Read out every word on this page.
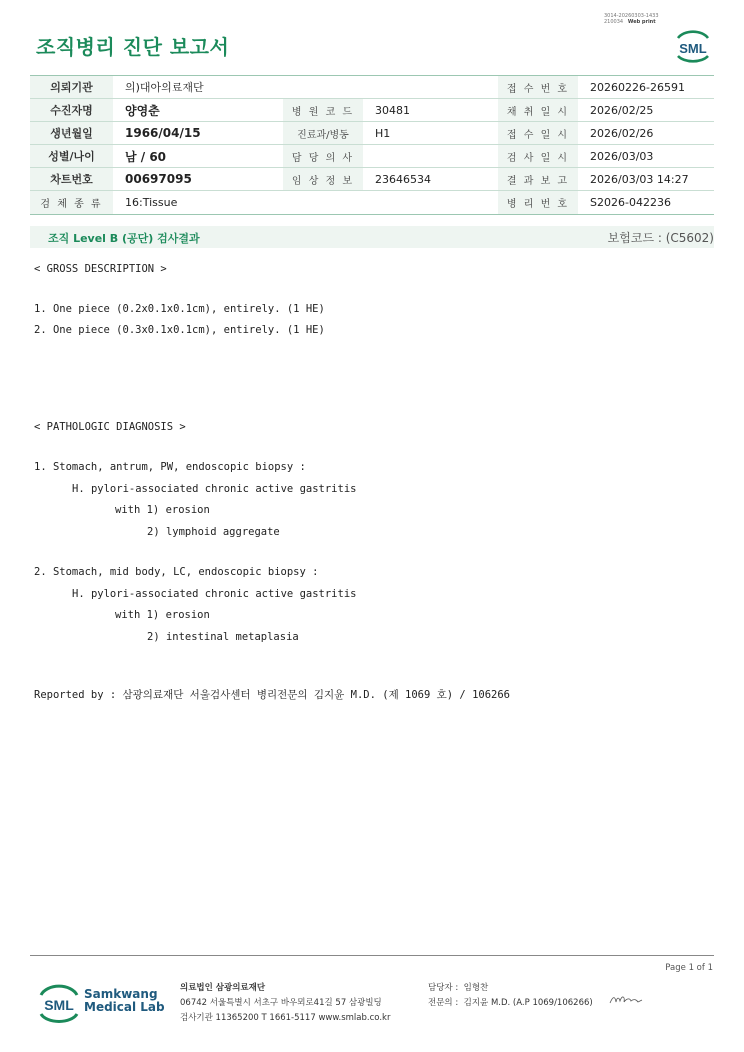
3014-20260303-1433
210034 Web print
조직병리 진단 보고서	SML
의뢰기관	의)대아의료재단			접 수 번 호	20260226-26591
수진자명	양영춘	병 원 코 드	30481	채 취 일 시	2026/02/25
생년월일	1966/04/15	진료과/병동	H1	접 수 일 시	2026/02/26
성별/나이	남 / 60	담 당 의 사		검 사 일 시	2026/03/03
차트번호	00697095	임 상 정 보	23646534	결 과 보 고	2026/03/03 14:27
검 체 종 류	16:Tissue			병 리 번 호	S2026-042236
조직 Level B (공단) 검사결과	보험코드 : (C5602)
< GROSS DESCRIPTION >
1. One piece (0.2x0.1x0.1cm), entirely. (1 HE)
2. One piece (0.3x0.1x0.1cm), entirely. (1 HE)
< PATHOLOGIC DIAGNOSIS >
1. Stomach, antrum, PW, endoscopic biopsy :
H. pylori-associated chronic active gastritis
with 1) erosion
2) lymphoid aggregate
2. Stomach, mid body, LC, endoscopic biopsy :
H. pylori-associated chronic active gastritis
with 1) erosion
2) intestinal metaplasia
Reported by : 삼광의료재단 서울검사센터 병리전문의 김지윤 M.D. (제 1069 호) / 106266
Page 1 of 1
SML
Samkwang
Medical Lab
의료법인 삼광의료재단
06742 서울특별시 서초구 바우뫼로41길 57 삼광빌딩
검사기관 11365200 T 1661-5117 www.smlab.co.kr
담당자 : 임형찬
전문의 : 김지윤 M.D. (A.P 1069/106266)
